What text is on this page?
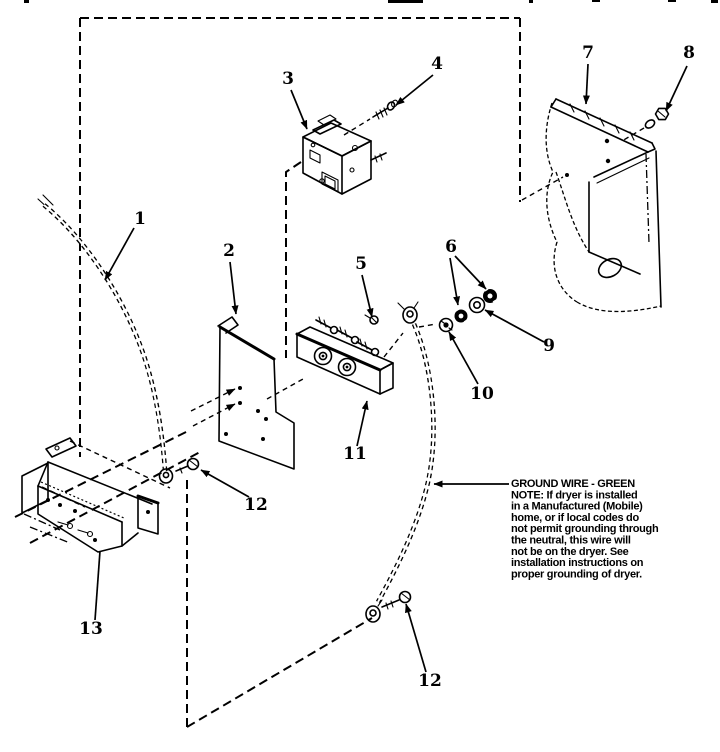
1
2
3
4
5
6
7	8
9
10
11
12
12
13
GROUND WIRE - GREEN
NOTE: If dryer is installed
in a Manufactured (Mobile)
home, or if local codes do
not permit grounding through
the neutral, this wire will
not be on the dryer. See
installation instructions on
proper grounding of dryer.
